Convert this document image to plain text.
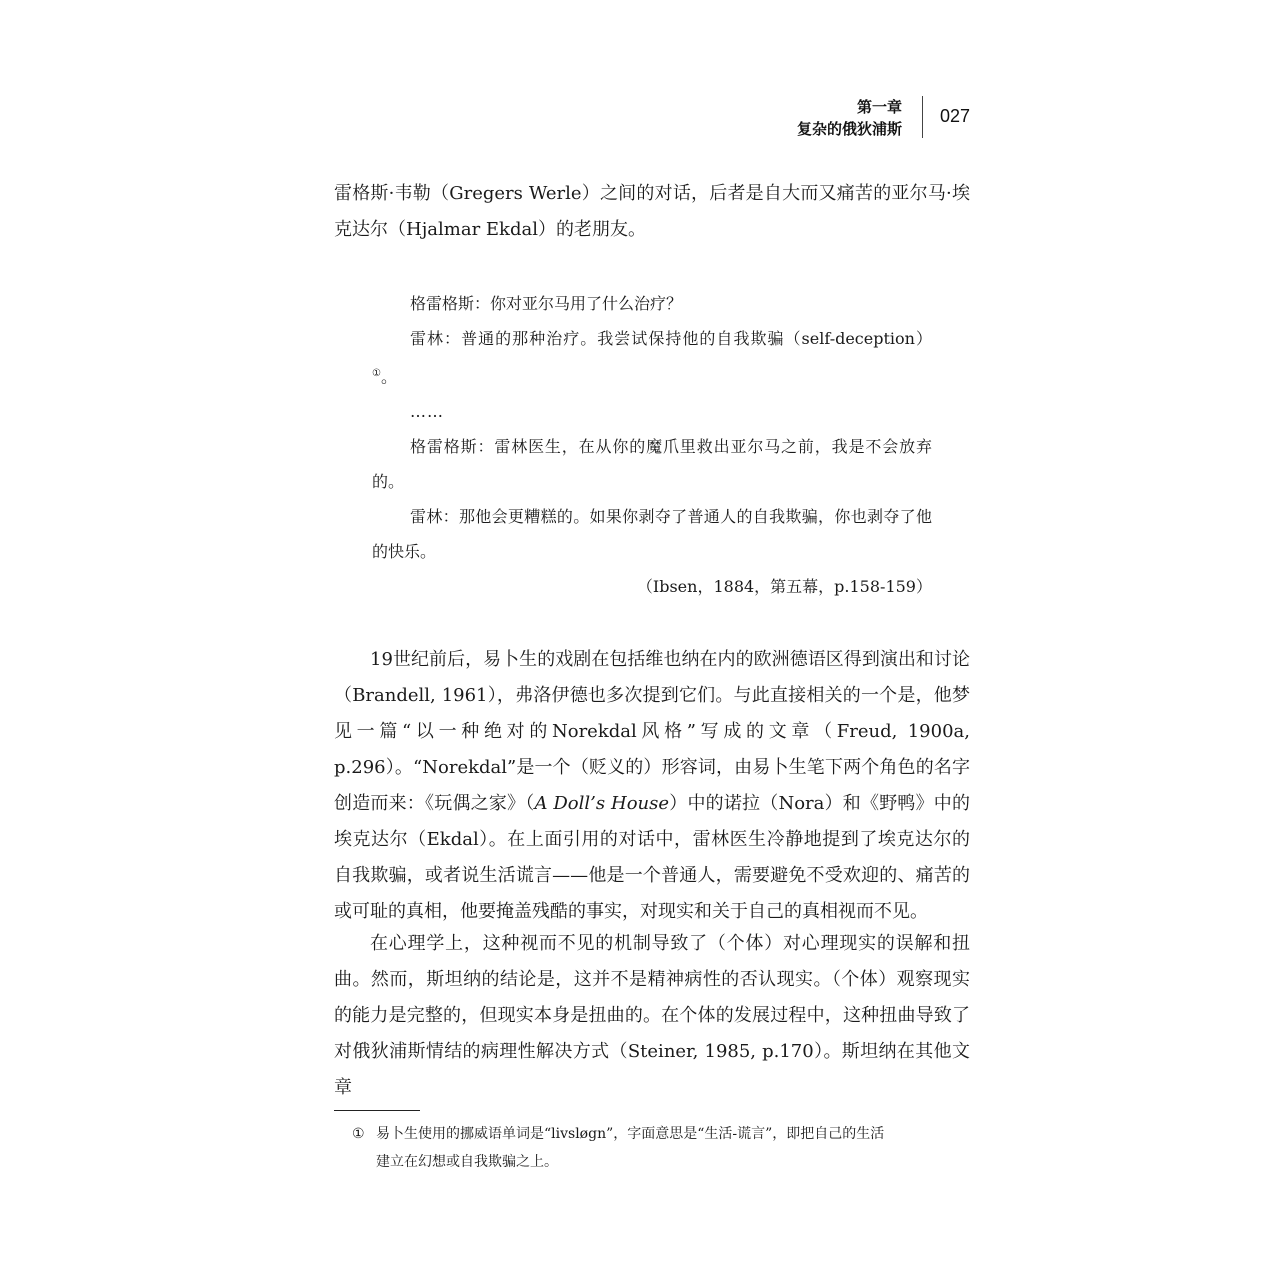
第一章
复杂的俄狄浦斯
027

雷格斯·韦勒（Gregers Werle）之间的对话，后者是自大而又痛苦的亚尔马·埃克达尔（Hjalmar Ekdal）的老朋友。

格雷格斯：你对亚尔马用了什么治疗？

雷林：普通的那种治疗。我尝试保持他的自我欺骗（self-deception）①。

……

格雷格斯：雷林医生，在从你的魔爪里救出亚尔马之前，我是不会放弃的。

雷林：那他会更糟糕的。如果你剥夺了普通人的自我欺骗，你也剥夺了他的快乐。

（Ibsen，1884，第五幕，p.158-159）

19世纪前后，易卜生的戏剧在包括维也纳在内的欧洲德语区得到演出和讨论（Brandell, 1961），弗洛伊德也多次提到它们。与此直接相关的一个是，他梦见一篇“以一种绝对的Norekdal风格”写成的文章（Freud, 1900a, p.296）。“Norekdal”是一个（贬义的）形容词，由易卜生笔下两个角色的名字创造而来：《玩偶之家》（A Doll’s House）中的诺拉（Nora）和《野鸭》中的埃克达尔（Ekdal）。在上面引用的对话中，雷林医生冷静地提到了埃克达尔的自我欺骗，或者说生活谎言——他是一个普通人，需要避免不受欢迎的、痛苦的或可耻的真相，他要掩盖残酷的事实，对现实和关于自己的真相视而不见。

在心理学上，这种视而不见的机制导致了（个体）对心理现实的误解和扭曲。然而，斯坦纳的结论是，这并不是精神病性的否认现实。（个体）观察现实的能力是完整的，但现实本身是扭曲的。在个体的发展过程中，这种扭曲导致了对俄狄浦斯情结的病理性解决方式（Steiner, 1985, p.170）。斯坦纳在其他文章

① 易卜生使用的挪威语单词是“livsløgn”，字面意思是“生活-谎言”，即把自己的生活
建立在幻想或自我欺骗之上。
